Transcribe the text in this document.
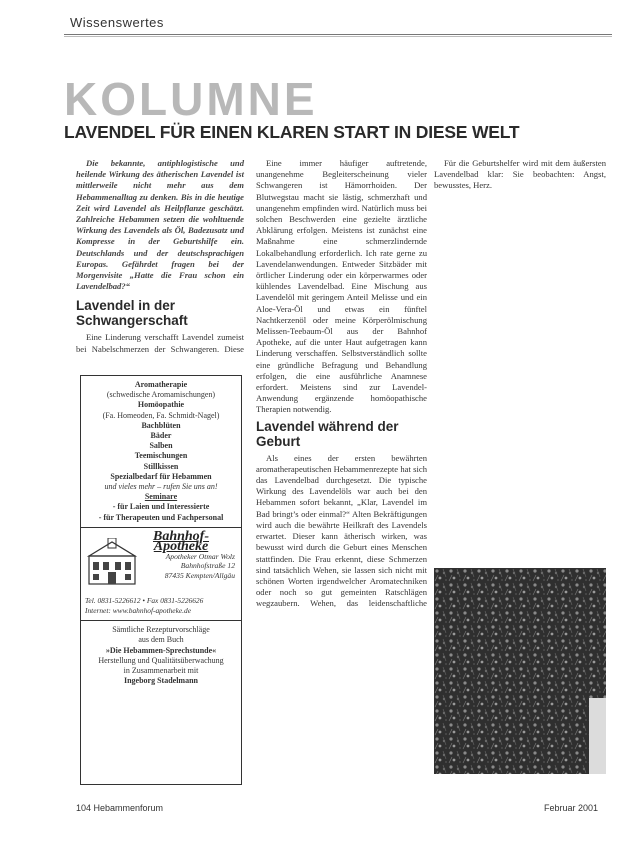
Wissenswertes
KOLUMNE
LAVENDEL FÜR EINEN KLAREN START IN DIESE WELT

Die bekannte, antiphlogistische und heilende Wirkung des ätherischen Lavendel ist mittlerweile nicht mehr aus dem Hebammenalltag zu denken. Bis in die heutige Zeit wird Lavendel als Heilpflanze geschätzt. Zahlreiche Hebammen setzen die wohltuende Wirkung des Lavendels als Öl, Badezusatz und Kompresse in der Geburtshilfe ein. Deutschlands und der deutschsprachigen Europas. Gefährdet fragen bei der Morgenvisite „Hatte die Frau schon ein Lavendelbad?“

Lavendel in der Schwangerschaft

Eine Linderung verschafft Lavendel zumeist bei Nabelschmerzen der Schwangeren. Diese

Aromatherapie
(schwedische Aromamischungen)
Homöopathie
(Fa. Homeoden, Fa. Schmidt-Nagel)
Bachblüten
Bäder
Salben
Teemischungen
Stillkissen
Spezialbedarf für Hebammen
und vieles mehr – rufen Sie uns an!
Seminare
- für Laien und Interessierte
- für Therapeuten und Fachpersonal
Bahnhof-Apotheke
Apotheker Otmar Wolz
Bahnhofstraße 12
87435 Kempten/Allgäu
Tel. 0831-5226612 • Fax 0831-5226626
Internet: www.bahnhof-apotheke.de
Sämtliche Rezepturvorschläge
aus dem Buch
»Die Hebammen-Sprechstunde«
Herstellung und Qualitätsüberwachung
in Zusammenarbeit mit
Ingeborg Stadelmann

Eine immer häufiger auftretende, unangenehme Begleiterscheinung vieler Schwangeren ist Hämorrhoiden. Der Blutwegstau macht sie lästig, schmerzhaft und unangenehm empfinden wird. Natürlich muss bei solchen Beschwerden eine gezielte ärztliche Abklärung erfolgen. Meistens ist zunächst eine Maßnahme eine schmerzlindernde Lokalbehandlung erforderlich. Ich rate gerne zu Lavendelanwendungen. Entweder Sitzbäder mit örtlicher Linderung oder ein körperwarmes oder kühlendes Lavendelbad. Eine Mischung aus Lavendelöl mit geringem Anteil Melisse und ein Aloe-Vera-Öl und etwas ein fünftel Nachtkerzenöl oder meine Körperölmischung Melissen-Teebaum-Öl aus der Bahnhof Apotheke, auf die unter Haut aufgetragen kann Linderung verschaffen. Selbstverständlich sollte eine gründliche Befragung und Behandlung erfolgen, die eine ausführliche Anamnese erfordert. Meistens sind zur Lavendel-Anwendung ergänzende homöopathische Therapien notwendig.

Lavendel während der Geburt

Als eines der ersten bewährten aromatherapeutischen Hebammenrezepte hat sich das Lavendelbad durchgesetzt. Die typische Wirkung des Lavendelöls war auch bei den Hebammen sofort bekannt, „Klar, Lavendel im Bad bringt’s oder einmal?“ Alten Bekräftigungen wird auch die bewährte Heilkraft des Lavendels erwartet. Dieser kann ätherisch wirken, was bewusst wird durch die Geburt eines Menschen stattfinden. Die Frau erkennt, diese Schmerzen sind tatsächlich Wehen, sie lassen sich nicht mit schönen Worten irgendwelcher Aromatechniken oder noch so gut gemeinten Ratschlägen wegzaubern. Wehen, das leidenschaftliche

Für die Geburtshelfer wird mit dem äußersten Lavendelbad klar: Sie beobachten: Angst, bewusstes, Herz.

104 Hebammenforum	Februar 2001
